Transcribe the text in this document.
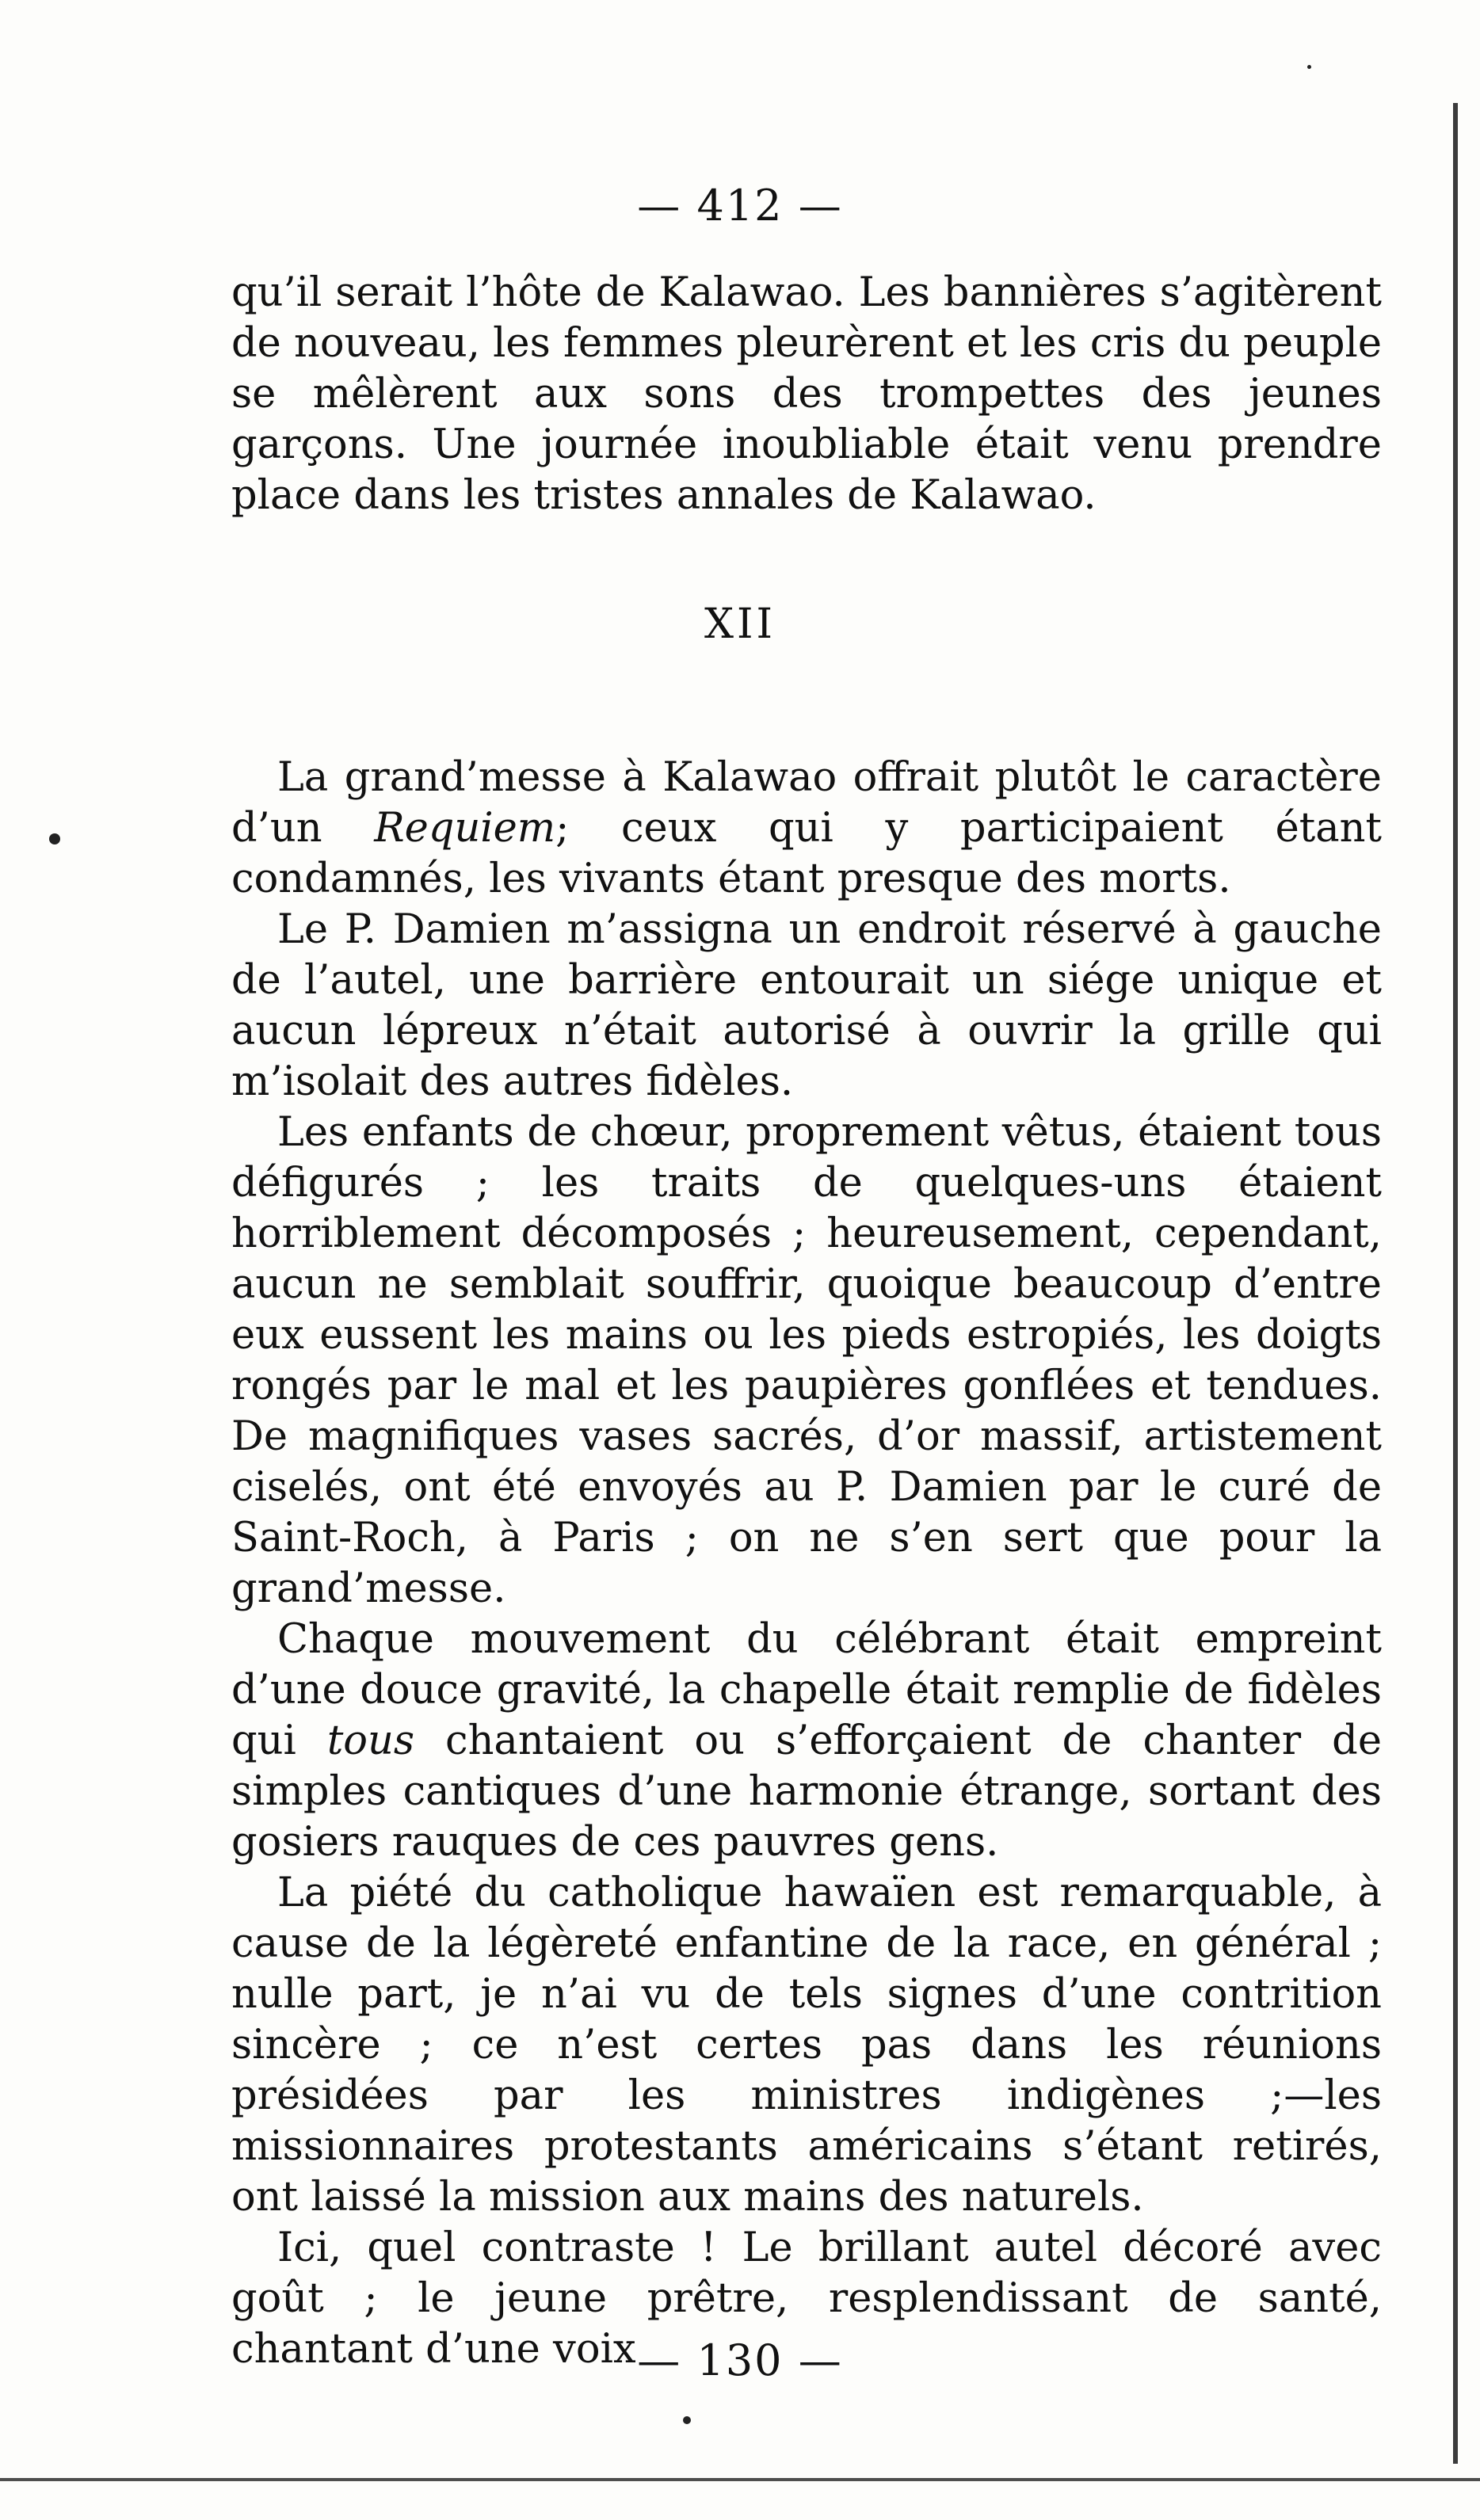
— 412 —

qu’il serait l’hôte de Kalawao. Les bannières s’agitèrent de nouveau, les femmes pleurèrent et les cris du peuple se mêlèrent aux sons des trompettes des jeunes garçons. Une journée inoubliable était venu prendre place dans les tristes annales de Kalawao.

XII

La grand’messe à Kalawao offrait plutôt le caractère d’un Requiem; ceux qui y participaient étant condamnés, les vivants étant presque des morts.

Le P. Damien m’assigna un endroit réservé à gauche de l’autel, une barrière entourait un siége unique et aucun lépreux n’était autorisé à ouvrir la grille qui m’isolait des autres fidèles.

Les enfants de chœur, proprement vêtus, étaient tous défigurés ; les traits de quelques-uns étaient horriblement décomposés ; heureusement, cependant, aucun ne semblait souffrir, quoique beaucoup d’entre eux eussent les mains ou les pieds estropiés, les doigts rongés par le mal et les paupières gonflées et tendues. De magnifiques vases sacrés, d’or massif, artistement ciselés, ont été envoyés au P. Damien par le curé de Saint-Roch, à Paris ; on ne s’en sert que pour la grand’messe.

Chaque mouvement du célébrant était empreint d’une douce gravité, la chapelle était remplie de fidèles qui tous chantaient ou s’efforçaient de chanter de simples cantiques d’une harmonie étrange, sortant des gosiers rauques de ces pauvres gens.

La piété du catholique hawaïen est remarquable, à cause de la légèreté enfantine de la race, en général ; nulle part, je n’ai vu de tels signes d’une contrition sincère ; ce n’est certes pas dans les réunions présidées par les ministres indigènes ;—les missionnaires protestants américains s’étant retirés, ont laissé la mission aux mains des naturels.

Ici, quel contraste ! Le brillant autel décoré avec goût ; le jeune prêtre, resplendissant de santé, chantant d’une voix — 130 —
